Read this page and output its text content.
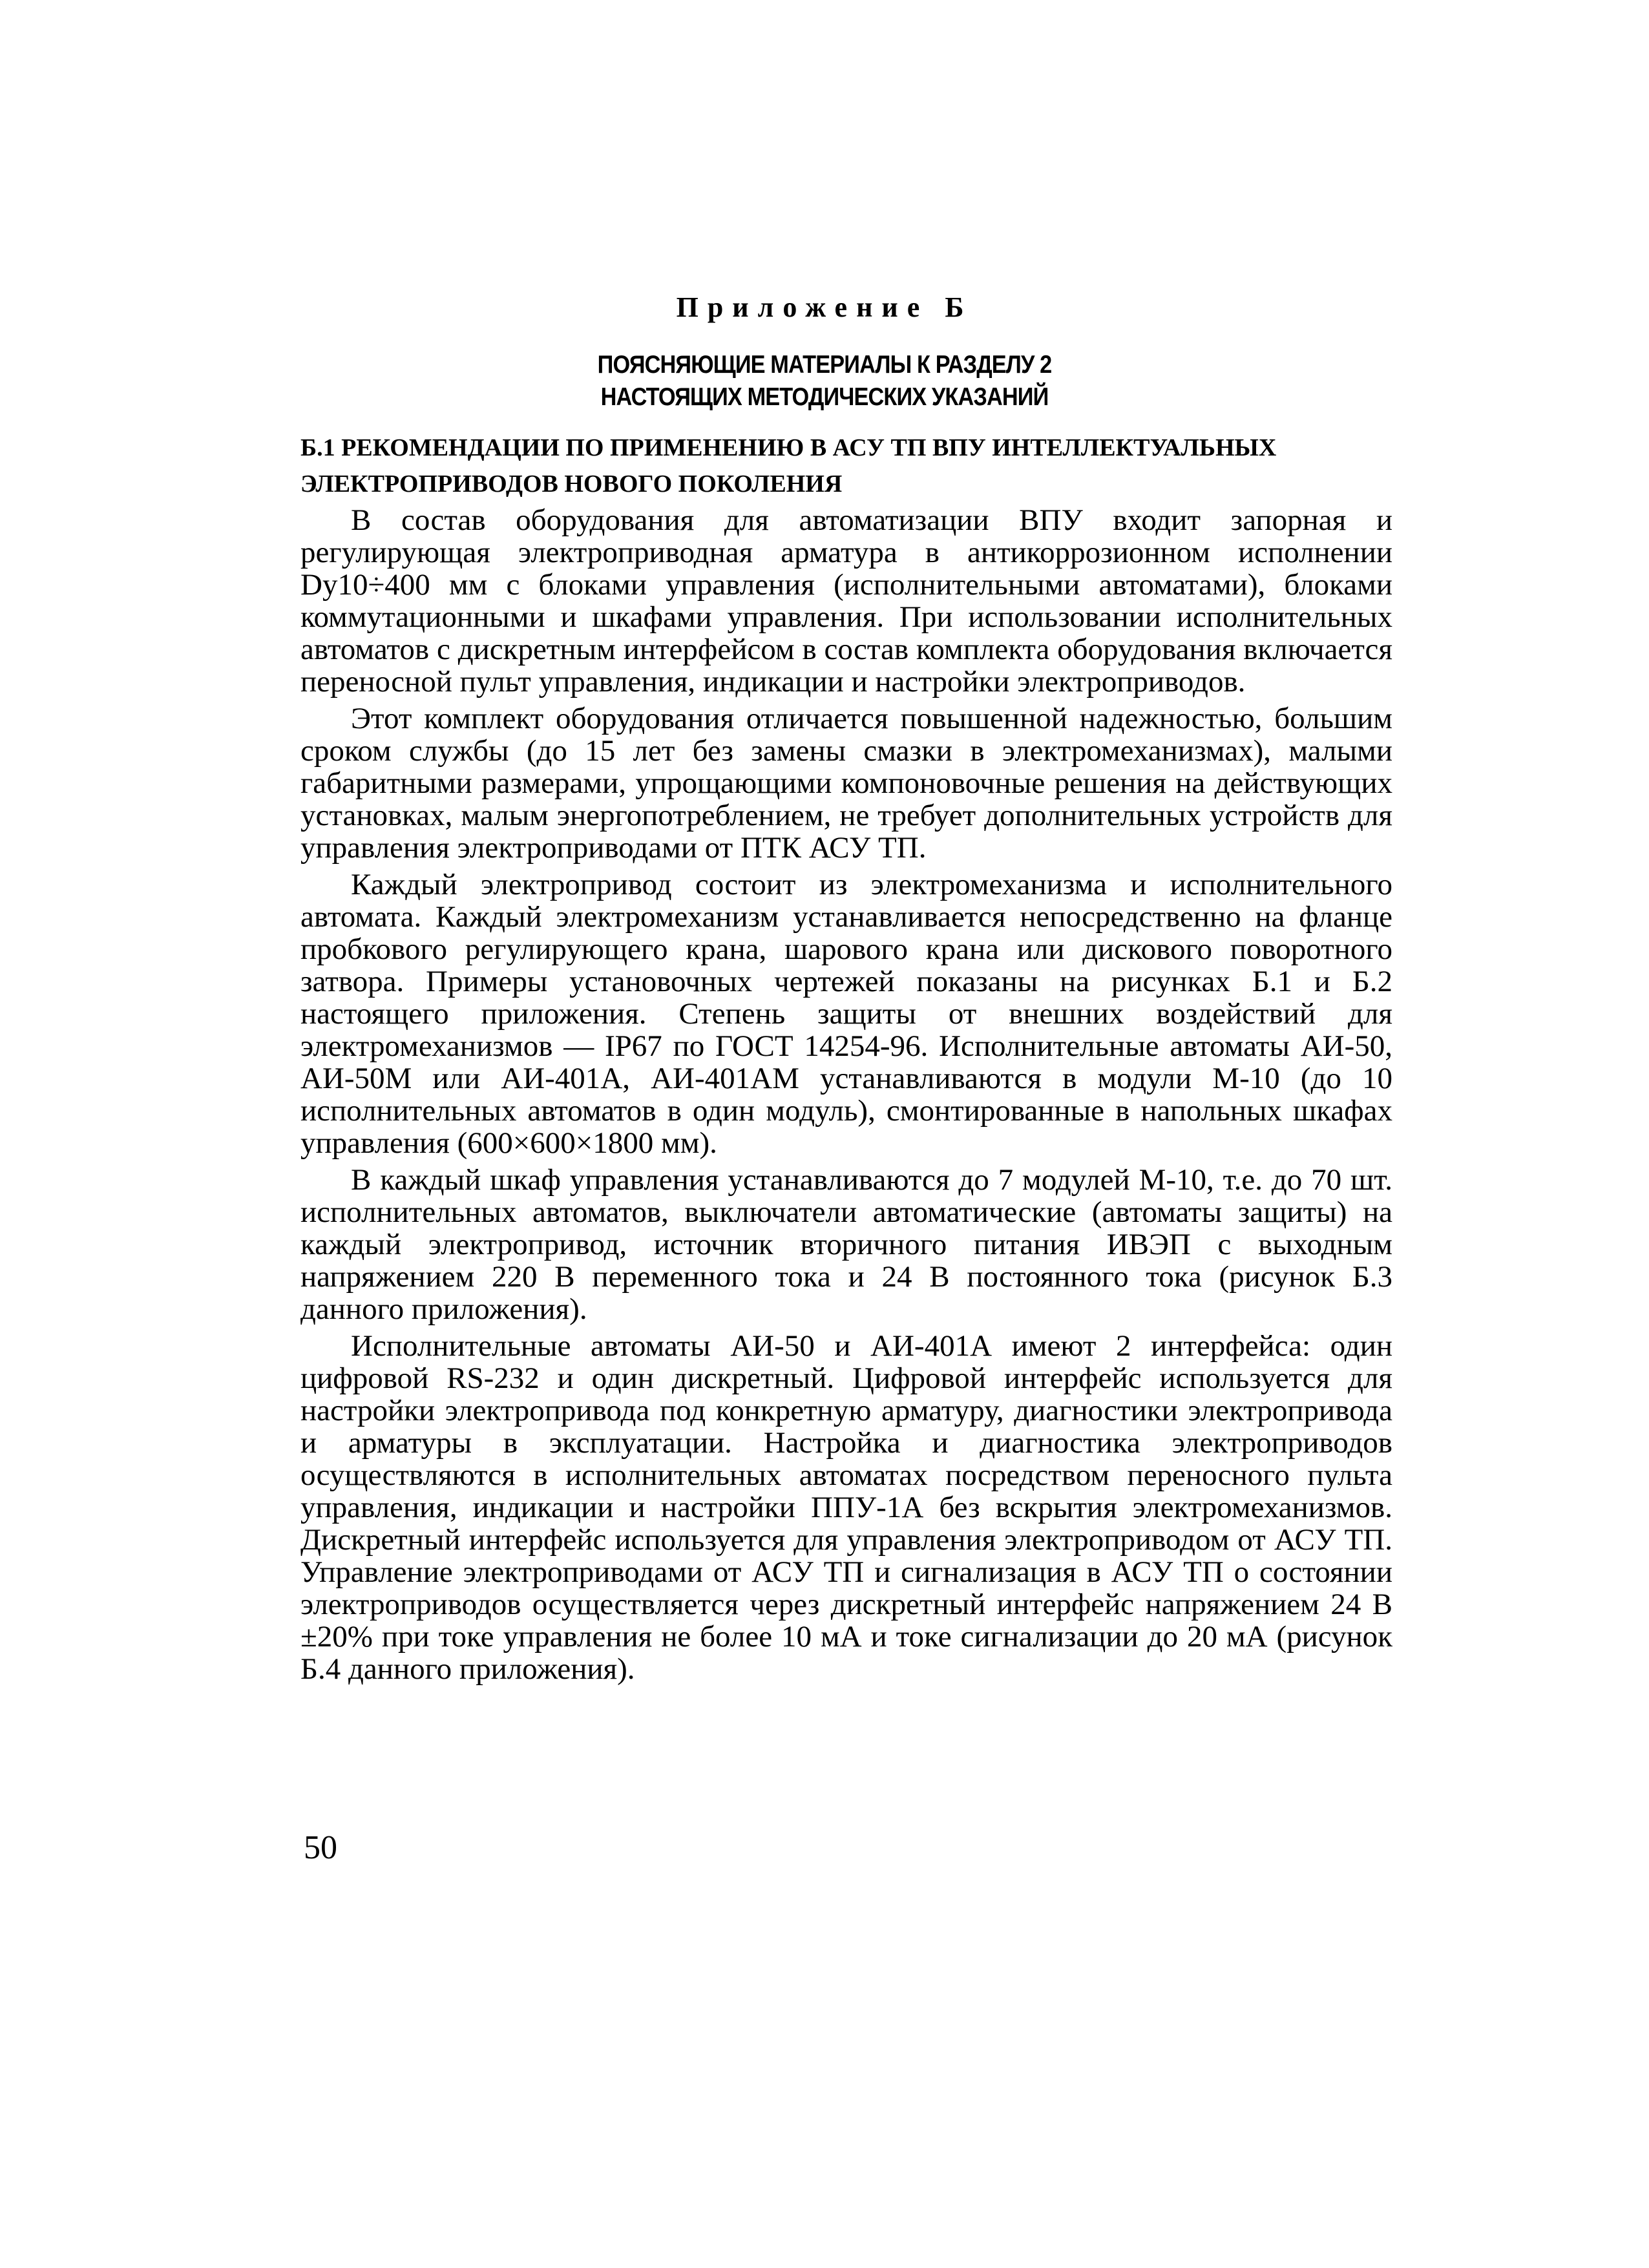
Приложение Б
ПОЯСНЯЮЩИЕ МАТЕРИАЛЫ К РАЗДЕЛУ 2
НАСТОЯЩИХ МЕТОДИЧЕСКИХ УКАЗАНИЙ
Б.1 РЕКОМЕНДАЦИИ ПО ПРИМЕНЕНИЮ В АСУ ТП ВПУ ИНТЕЛЛЕКТУАЛЬНЫХ ЭЛЕКТРОПРИВОДОВ НОВОГО ПОКОЛЕНИЯ

В состав оборудования для автоматизации ВПУ входит запорная и регулирующая электроприводная арматура в антикоррозионном исполнении Dу10÷400 мм с блоками управления (исполнительными автоматами), блоками коммутационными и шкафами управления. При использовании исполнительных автоматов с дискретным интерфейсом в состав комплекта оборудования включается переносной пульт управления, индикации и настройки электроприводов.

Этот комплект оборудования отличается повышенной надежностью, большим сроком службы (до 15 лет без замены смазки в электромеханизмах), малыми габаритными размерами, упрощающими компоновочные решения на действующих установках, малым энергопотреблением, не требует дополнительных устройств для управления электроприводами от ПТК АСУ ТП.

Каждый электропривод состоит из электромеханизма и исполнительного автомата. Каждый электромеханизм устанавливается непосредственно на фланце пробкового регулирующего крана, шарового крана или дискового поворотного затвора. Примеры установочных чертежей показаны на рисунках Б.1 и Б.2 настоящего приложения. Степень защиты от внешних воздействий для электромеханизмов — IP67 по ГОСТ 14254-96. Исполнительные автоматы АИ-50, АИ-50М или АИ-401А, АИ-401АМ устанавливаются в модули М-10 (до 10 исполнительных автоматов в один модуль), смонтированные в напольных шкафах управления (600×600×1800 мм).

В каждый шкаф управления устанавливаются до 7 модулей М-10, т.е. до 70 шт. исполнительных автоматов, выключатели автоматические (автоматы защиты) на каждый электропривод, источник вторичного питания ИВЭП с выходным напряжением 220 В переменного тока и 24 В постоянного тока (рисунок Б.3 данного приложения).

Исполнительные автоматы АИ-50 и АИ-401А имеют 2 интерфейса: один цифровой RS-232 и один дискретный. Цифровой интерфейс используется для настройки электропривода под конкретную арматуру, диагностики электропривода и арматуры в эксплуатации. Настройка и диагностика электроприводов осуществляются в исполнительных автоматах посредством переносного пульта управления, индикации и настройки ППУ-1А без вскрытия электромеханизмов. Дискретный интерфейс используется для управления электроприводом от АСУ ТП. Управление электроприводами от АСУ ТП и сигнализация в АСУ ТП о состоянии электроприводов осуществляется через дискретный интерфейс напряжением 24 В ±20% при токе управления не более 10 мА и токе сигнализации до 20 мА (рисунок Б.4 данного приложения).

50
